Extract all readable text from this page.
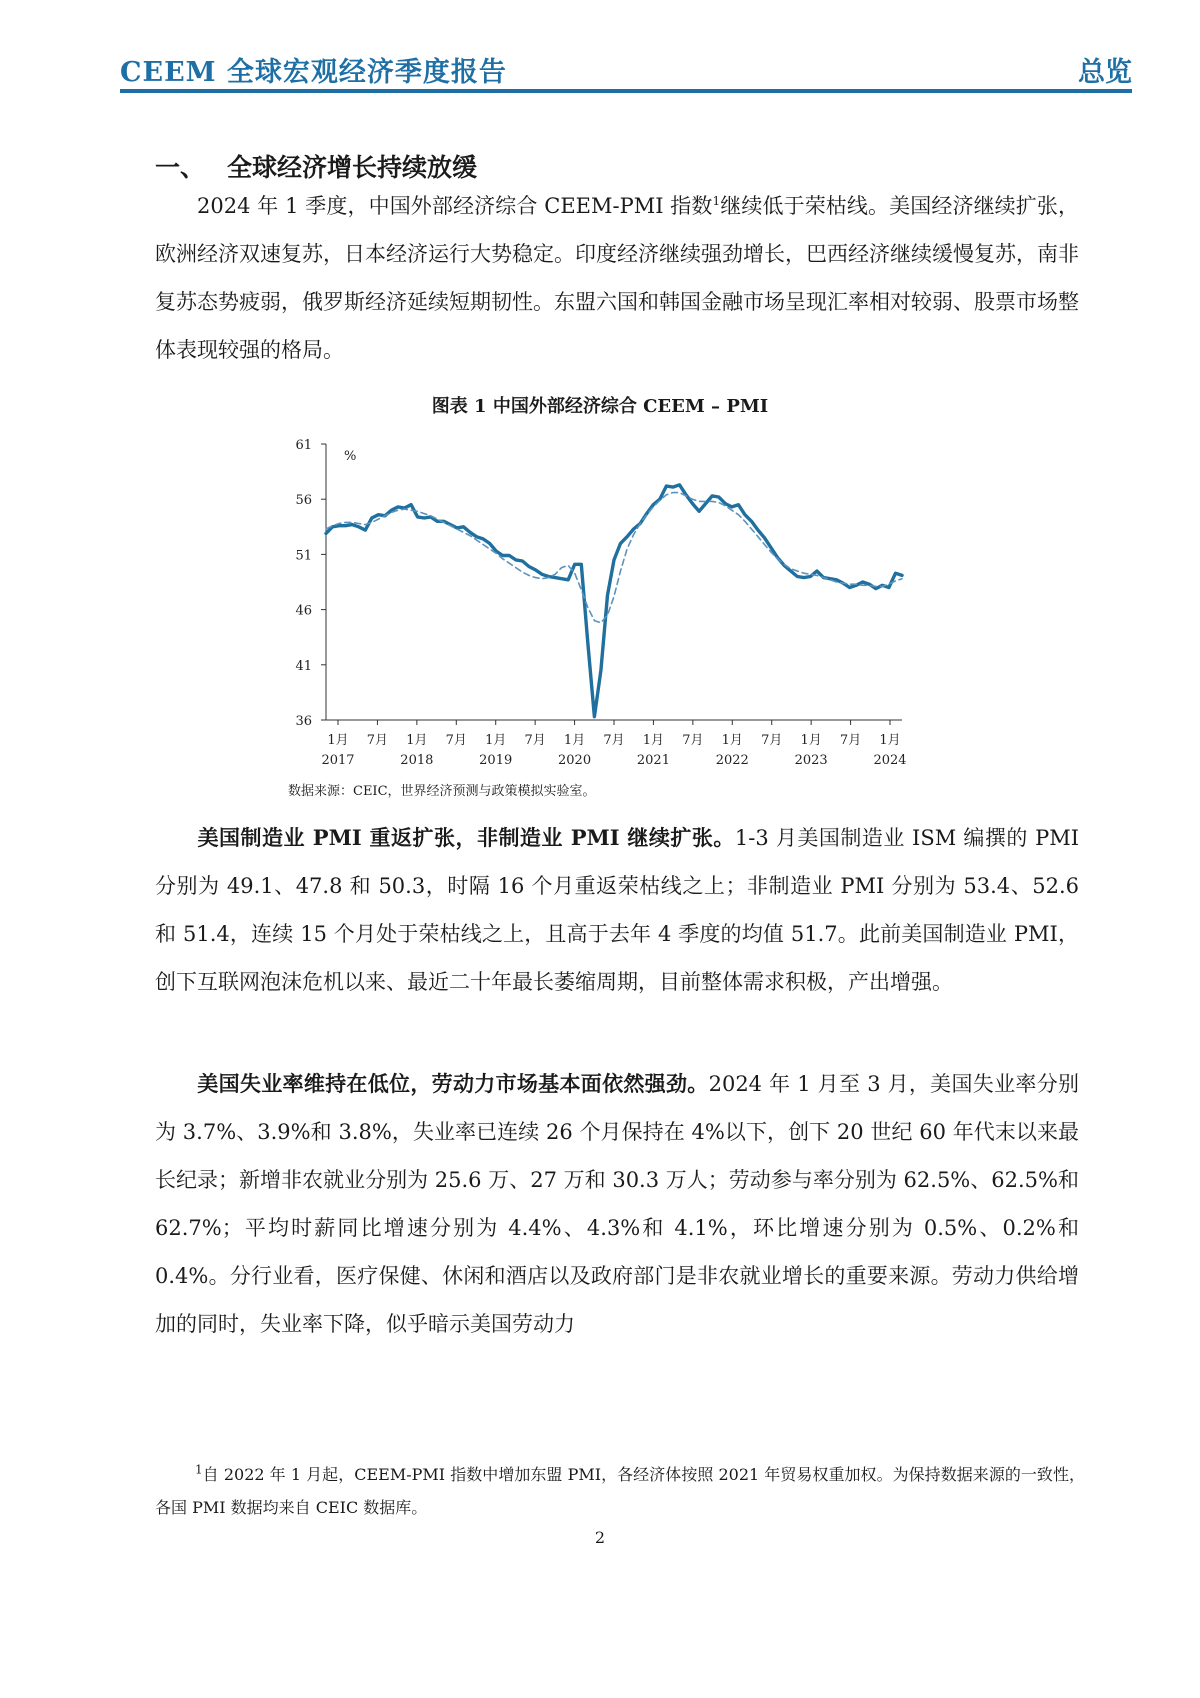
CEEM 全球宏观经济季度报告	总览
一、 全球经济增长持续放缓

2024 年 1 季度，中国外部经济综合 CEEM-PMI 指数$^1$继续低于荣枯线。美国经济继续扩张，欧洲经济双速复苏，日本经济运行大势稳定。印度经济继续强劲增长，巴西经济继续缓慢复苏，南非复苏态势疲弱，俄罗斯经济延续短期韧性。东盟六国和韩国金融市场呈现汇率相对较弱、股票市场整体表现较强的格局。

图表 1 中国外部经济综合 CEEM – PMI
61
56
51
46
41
36
%
1月
2017
7月 1月
2018
7月 1月
2019
7月 1月
2020
7月 1月
2021
7月 1月
2022
7月 1月
2023
7月 1月
2024
数据来源：CEIC，世界经济预测与政策模拟实验室。

美国制造业 PMI 重返扩张，非制造业 PMI 继续扩张。1-3 月美国制造业 ISM 编撰的 PMI 分别为 49.1、47.8 和 50.3，时隔 16 个月重返荣枯线之上；非制造业 PMI 分别为 53.4、52.6 和 51.4，连续 15 个月处于荣枯线之上，且高于去年 4 季度的均值 51.7。此前美国制造业 PMI，创下互联网泡沫危机以来、最近二十年最长萎缩周期，目前整体需求积极，产出增强。

美国失业率维持在低位，劳动力市场基本面依然强劲。2024 年 1 月至 3 月，美国失业率分别为 3.7%、3.9%和 3.8%，失业率已连续 26 个月保持在 4%以下，创下 20 世纪 60 年代末以来最长纪录；新增非农就业分别为 25.6 万、27 万和 30.3 万人；劳动参与率分别为 62.5%、62.5%和 62.7%；平均时薪同比增速分别为 4.4%、4.3%和 4.1%，环比增速分别为 0.5%、0.2%和 0.4%。分行业看，医疗保健、休闲和酒店以及政府部门是非农就业增长的重要来源。劳动力供给增加的同时，失业率下降，似乎暗示美国劳动力

$^1$自 2022 年 1 月起，CEEM-PMI 指数中增加东盟 PMI，各经济体按照 2021 年贸易权重加权。为保持数据来源的一致性，各国 PMI 数据均来自 CEIC 数据库。

2
